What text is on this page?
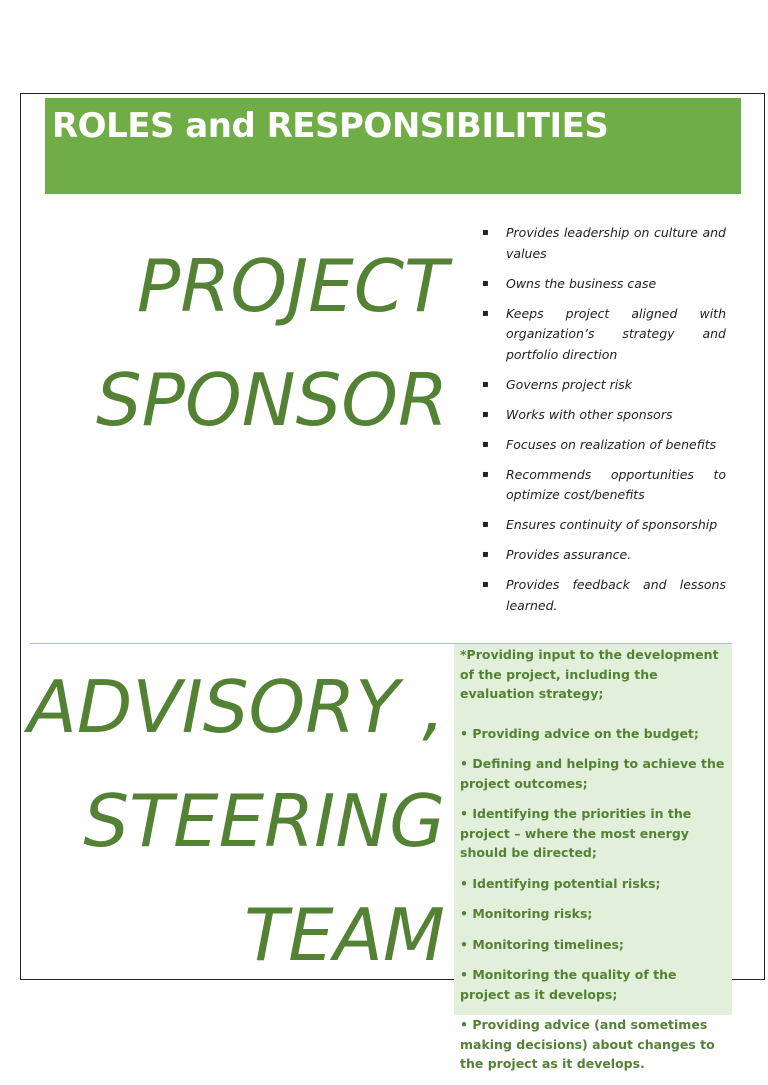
ROLES and RESPONSIBILITIES
PROJECT
SPONSOR
▪ Provides leadership on culture and values
▪ Owns the business case
▪ Keeps project aligned with organization’s strategy and portfolio direction
▪ Governs project risk
▪ Works with other sponsors
▪ Focuses on realization of benefits
▪ Recommends opportunities to optimize cost/benefits
▪ Ensures continuity of sponsorship
▪ Provides assurance.
▪ Provides feedback and lessons learned.
ADVISORY ,
STEERING
TEAM
*Providing input to the development of the project, including the evaluation strategy;
• Providing advice on the budget;
• Defining and helping to achieve the project outcomes;
• Identifying the priorities in the project – where the most energy should be directed;
• Identifying potential risks;
• Monitoring risks;
• Monitoring timelines;
• Monitoring the quality of the project as it develops;
• Providing advice (and sometimes making decisions) about changes to the project as it develops.
